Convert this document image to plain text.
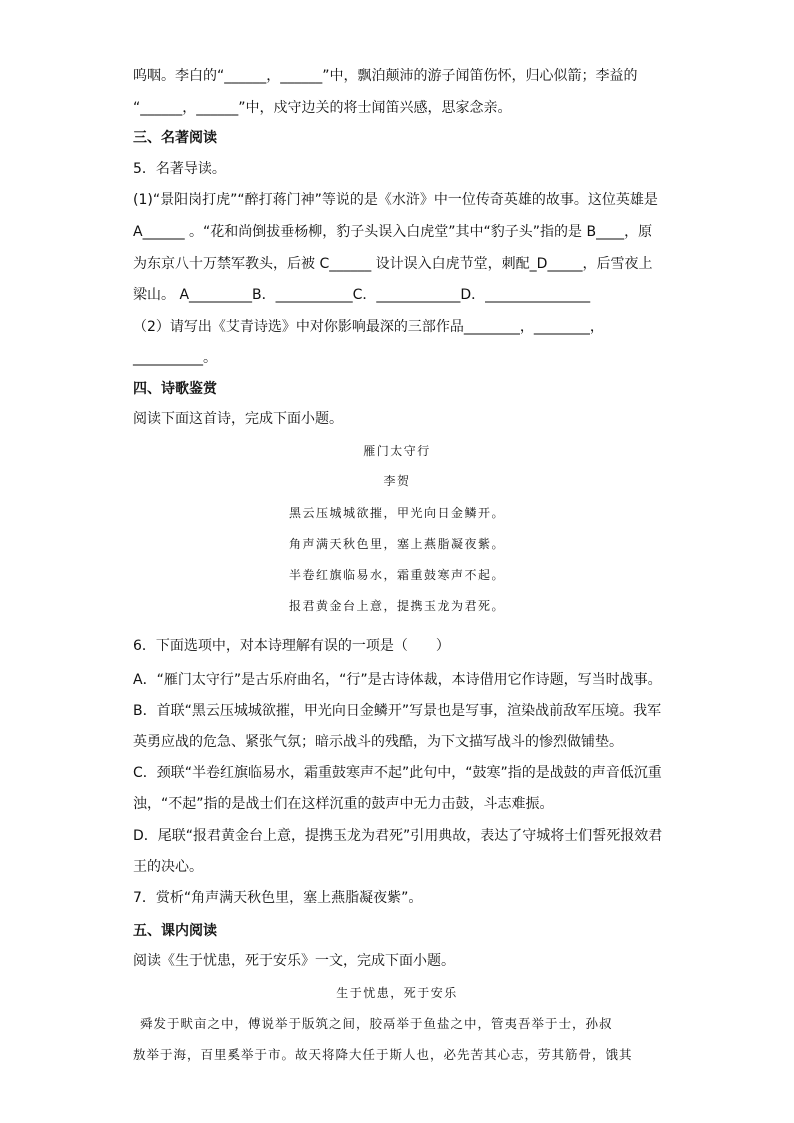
呜咽。李白的“______，______”中，飘泊颠沛的游子闻笛伤怀，归心似箭；李益的
“______，______”中，戍守边关的将士闻笛兴感，思家念亲。
三、名著阅读
5．名著导读。
(1)“景阳岗打虎”“醉打蒋门神”等说的是《水浒》中一位传奇英雄的故事。这位英雄是
A______ 。“花和尚倒拔垂杨柳，豹子头误入白虎堂”其中“豹子头”指的是 B____，原
为东京八十万禁军教头，后被 C______ 设计误入白虎节堂，刺配_D_____，后雪夜上
梁山。 A_________B．___________C．____________D．_______________
（2）请写出《艾青诗选》中对你影响最深的三部作品________，________，
__________。
四、诗歌鉴赏
阅读下面这首诗，完成下面小题。
雁门太守行
李贺
黑云压城城欲摧，甲光向日金鳞开。
角声满天秋色里，塞上燕脂凝夜紫。
半卷红旗临易水，霜重鼓寒声不起。
报君黄金台上意，提携玉龙为君死。
6．下面选项中，对本诗理解有误的一项是（　　）
A．“雁门太守行”是古乐府曲名，“行”是古诗体裁，本诗借用它作诗题，写当时战事。
B．首联“黑云压城城欲摧，甲光向日金鳞开”写景也是写事，渲染战前敌军压境。我军
英勇应战的危急、紧张气氛；暗示战斗的残酷，为下文描写战斗的惨烈做铺垫。
C．颈联“半卷红旗临易水，霜重鼓寒声不起”此句中，“鼓寒”指的是战鼓的声音低沉重
浊，“不起”指的是战士们在这样沉重的鼓声中无力击鼓，斗志难振。
D．尾联“报君黄金台上意，提携玉龙为君死”引用典故，表达了守城将士们誓死报效君
王的决心。
7．赏析“角声满天秋色里，塞上燕脂凝夜紫”。
五、课内阅读
阅读《生于忧患，死于安乐》一文，完成下面小题。
生于忧患，死于安乐
舜发于畎亩之中，傅说举于版筑之间，胶鬲举于鱼盐之中，管夷吾举于士，孙叔
敖举于海，百里奚举于市。故天将降大任于斯人也，必先苦其心志，劳其筋骨，饿其
